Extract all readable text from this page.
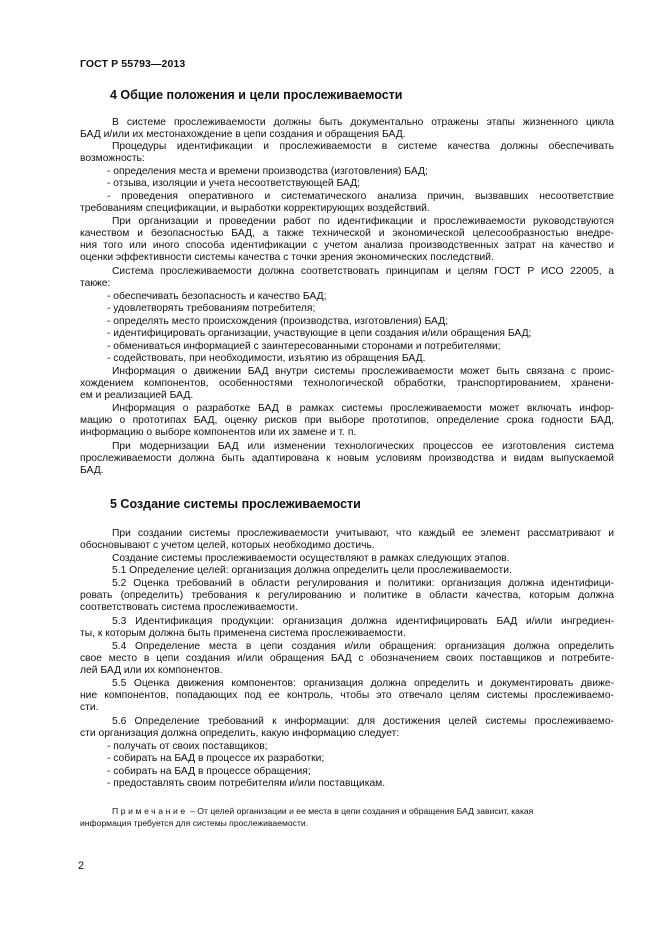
ГОСТ Р 55793—2013
4 Общие положения и цели прослеживаемости
В системе прослеживаемости должны быть документально отражены этапы жизненного цикла
БАД и/или их местонахождение в цепи создания и обращения БАД.
Процедуры идентификации и прослеживаемости в системе качества должны обеспечивать
возможность:
- определения места и времени производства (изготовления) БАД;
- отзыва, изоляции и учета несоответствующей БАД;
- проведения оперативного и систематического анализа причин, вызвавших несоответствие
требованиям спецификации, и выработки корректирующих воздействий.
При организации и проведении работ по идентификации и прослеживаемости руководствуются
качеством и безопасностью БАД, а также технической и экономической целесообразностью внедре-
ния того или иного способа идентификации с учетом анализа производственных затрат на качество и
оценки эффективности системы качества с точки зрения экономических последствий.
Система прослеживаемости должна соответствовать принципам и целям ГОСТ Р ИСО 22005, а
также:
- обеспечивать безопасность и качество БАД;
- удовлетворять требованиям потребителя;
- определять место происхождения (производства, изготовления) БАД;
- идентифицировать организации, участвующие в цепи создания и/или обращения БАД;
- обмениваться информацией с заинтересованными сторонами и потребителями;
- содействовать, при необходимости, изъятию из обращения БАД.
Информация о движении БАД внутри системы прослеживаемости может быть связана с проис-
хождением компонентов, особенностями технологической обработки, транспортированием, хранени-
ем и реализацией БАД.
Информация о разработке БАД в рамках системы прослеживаемости может включать инфор-
мацию о прототипах БАД, оценку рисков при выборе прототипов, определение срока годности БАД,
информацию о выборе компонентов или их замене и т. п.
При модернизации БАД или изменении технологических процессов ее изготовления система
прослеживаемости должна быть адаптирована к новым условиям производства и видам выпускаемой
БАД.
5 Создание системы прослеживаемости
При создании системы прослеживаемости учитывают, что каждый ее элемент рассматривают и
обосновывают с учетом целей, которых необходимо достичь.
Создание системы прослеживаемости осуществляют в рамках следующих этапов.
5.1 Определение целей: организация должна определить цели прослеживаемости.
5.2 Оценка требований в области регулирования и политики: организация должна идентифици-
ровать (определить) требования к регулированию и политике в области качества, которым должна
соответствовать система прослеживаемости.
5.3 Идентификация продукции: организация должна идентифицировать БАД и/или ингредиен-
ты, к которым должна быть применена система прослеживаемости.
5.4 Определение места в цепи создания и/или обращения: организация должна определить
свое место в цепи создания и/или обращения БАД с обозначением своих поставщиков и потребите-
лей БАД или их компонентов.
5.5 Оценка движения компонентов: организация должна определить и документировать движе-
ние компонентов, попадающих под ее контроль, чтобы это отвечало целям системы прослеживаемо-
сти.
5.6 Определение требований к информации: для достижения целей системы прослеживаемо-
сти организация должна определить, какую информацию следует:
- получать от своих поставщиков;
- собирать на БАД в процессе их разработки;
- собирать на БАД в процессе обращения;
- предоставлять своим потребителям и/или поставщикам.
Примечание – От целей организации и ее места в цепи создания и обращения БАД зависит, какая
информация требуется для системы прослеживаемости.
2
